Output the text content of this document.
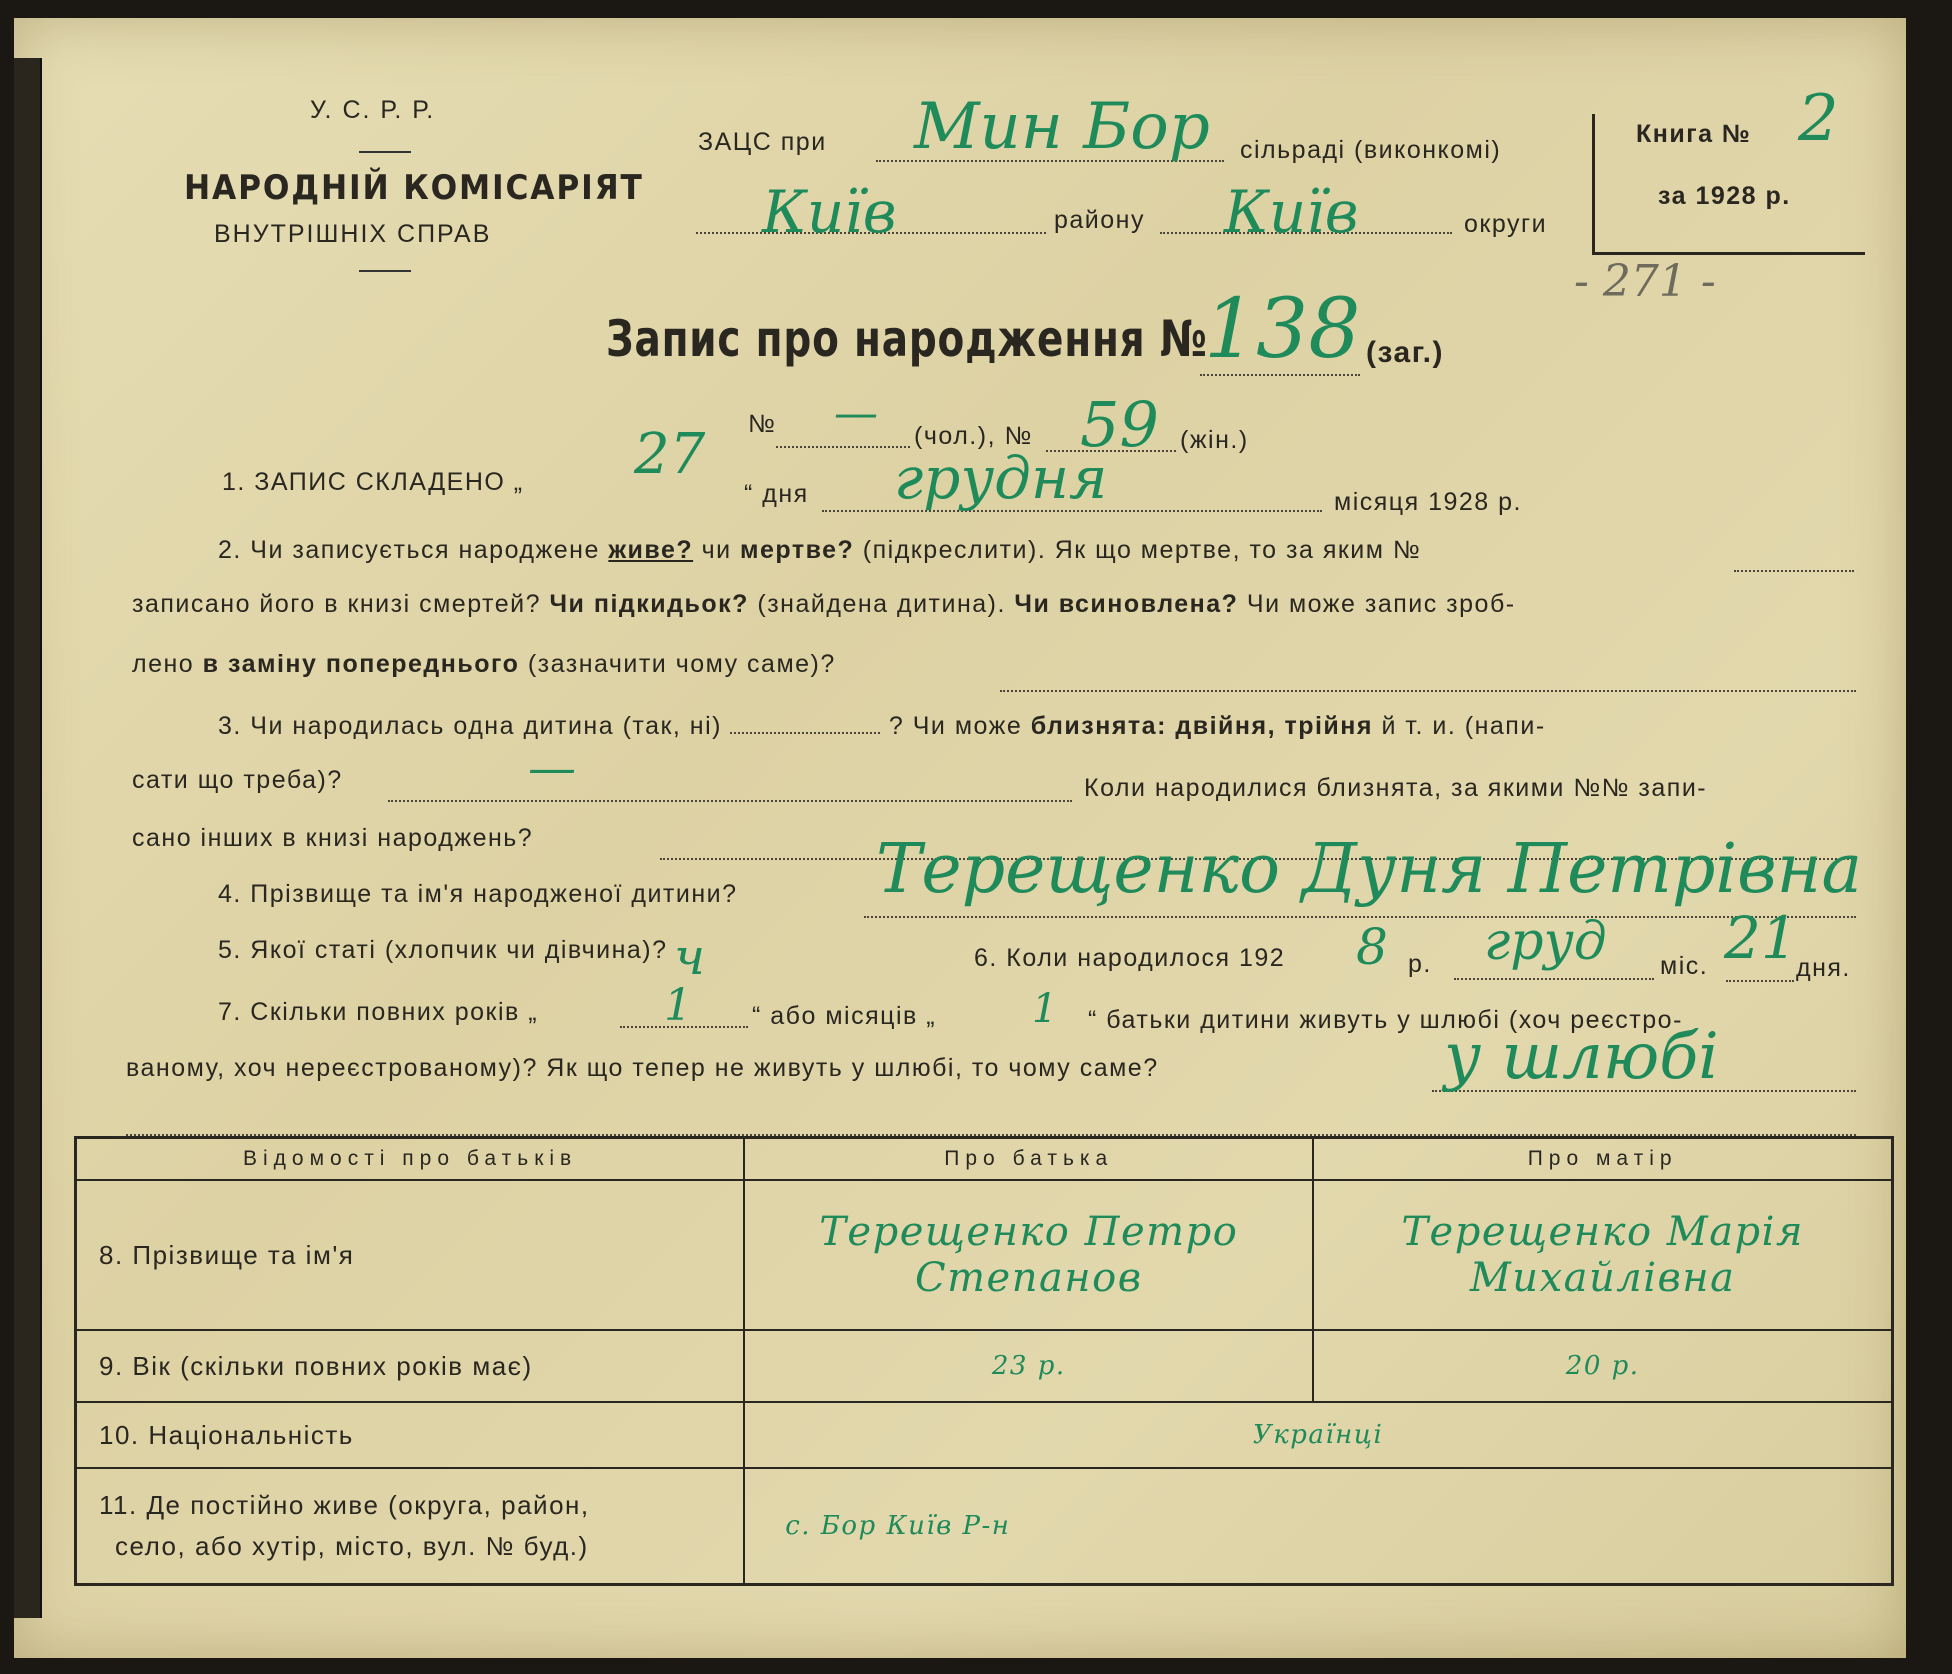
У. С. Р. Р.
НАРОДНІЙ КОМІСАРІЯТ
ВНУТРІШНІХ СПРАВ
ЗАЦС при Мин Бор сільраді (виконкомі)
Київ	району Київ	округи
Книга № 2
за 1928 р.
- 271 -
Запис про народження №
138 (заг.)
№ — (чол.), № 59 (жін.)
1. ЗАПИС СКЛАДЕНО „ 27
“ дня грудня	місяця 1928 р.
2. Чи записується народжене живе? чи мертве? (підкреслити). Як що мертве, то за яким №
записано його в книзі смертей? Чи підкидьок? (знайдена дитина). Чи всиновлена? Чи може запис зроб-
лено в заміну попереднього (зазначити чому саме)?
3. Чи народилась одна дитина (так, ні)	? Чи може близнята: двійня, трійня й т. и. (напи-
сати що треба)?	—	Коли народилися близнята, за якими №№ запи-
сано інших в книзі народжень?
4. Прізвище та ім'я народженої дитини? Терещенко Дуня Петрівна
5. Якої статі (хлопчик чи дівчина)? ч	6. Коли народилося 192 8 р. груд міс. 21
дня.
7. Скільки повних років „	1 “ або місяців „ 1 “ батьки дитини живуть у шлюбі (хоч реєстро-
ваному, хоч нереєстрованому)? Як що тепер не живуть у шлюбі, то чому саме?	у шлюбі
Відомості про батьків	Про батька	Про матір
8. Прізвище та ім'я	Терещенко Петро Степанов	Терещенко Марія Михайлівна
9. Вік (скільки повних років має)	23 р.	20 р.
10. Національність	Українці	

11. Де постійно живе (округа, район,
село, або хутір, місто, вул. № буд.)	с. Бор Київ Р-н	
